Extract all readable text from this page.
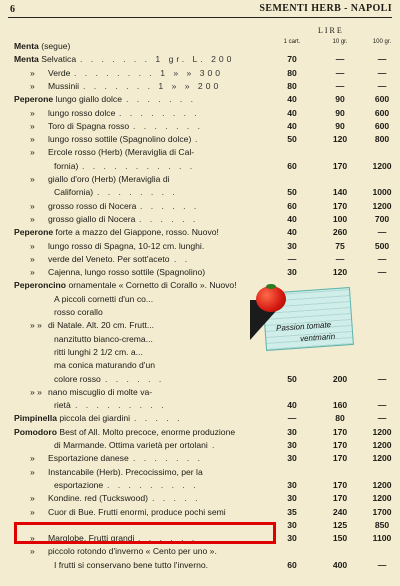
6	SEMENTI HERB - NAPOLI
LIRE
1 cart.	10 gr.	100 gr.
Menta (segue)
Menta Selvatica . . . . . . . 1 gr. L. 200	70	—	—
» Verde . . . . . . . . 1 » » 300	80	—	—
» Mussinii . . . . . . . 1 » » 200	80	—	—
Peperone lungo giallo dolce . . . . . . .	40	90	600
» lungo rosso dolce . . . . . . . .	40	90	600
» Toro di Spagna rosso . . . . . . .	40	90	600
» lungo rosso sottile (Spagnolino dolce) .	50	120	800
» Ercole rosso (Herb) (Meraviglia di Cal-
fornia) . . . . . . . . . . .	60	170	1200
» giallo d'oro (Herb) (Meraviglia di
California) . . . . . . . .	50	140	1000
» grosso rosso di Nocera . . . . . .	60	170	1200
» grosso giallo di Nocera . . . . . .	40	100	700
Peperone forte a mazzo del Giappone, rosso. Nuovo!	40	260	—
» lungo rosso di Spagna, 10-12 cm. lunghi.	30	75	500
» verde del Veneto. Per sott'aceto . .	—	—	—
» Cajenna, lungo rosso sottile (Spagnolino)	30	120	—
Peperoncino ornamentale « Cornetto di Corallo ». Nuovo!
A piccoli cornetti d'un co...
rosso corallo
» » di Natale. Alt. 20 cm. Frutt...
nanzitutto bianco-crema...
ritti lunghi 2 1/2 cm. a...
ma conica maturando d'un
colore rosso . . . . . .	50	200	—
» » nano miscuglio di molte va-
rietà . . . . . . . . .	40	160	—
Pimpinella piccola dei giardini . . . . .	—	80	—
Pomodoro Best of All. Molto precoce, enorme produzione	30	170	1200
di Marmande. Ottima varietà per ortolani .	30	170	1200
» Esportazione danese . . . . . . .	30	170	1200
» Instancabile (Herb). Precocissimo, per la
esportazione . . . . . . . . .	30	170	1200
» Kondine. red (Tuckswood) . . . . .	30	170	1200
» Cuor di Bue. Frutti enormi, produce pochi semi	35	240	1700
30	125	850
» Marglobe. Frutti grandi . . . . . .	30	150	1100
» piccolo rotondo d'inverno « Cento per uno ».
I frutti si conservano bene tutto l'inverno.	60	400	—
Passion tomate
ventmarin
